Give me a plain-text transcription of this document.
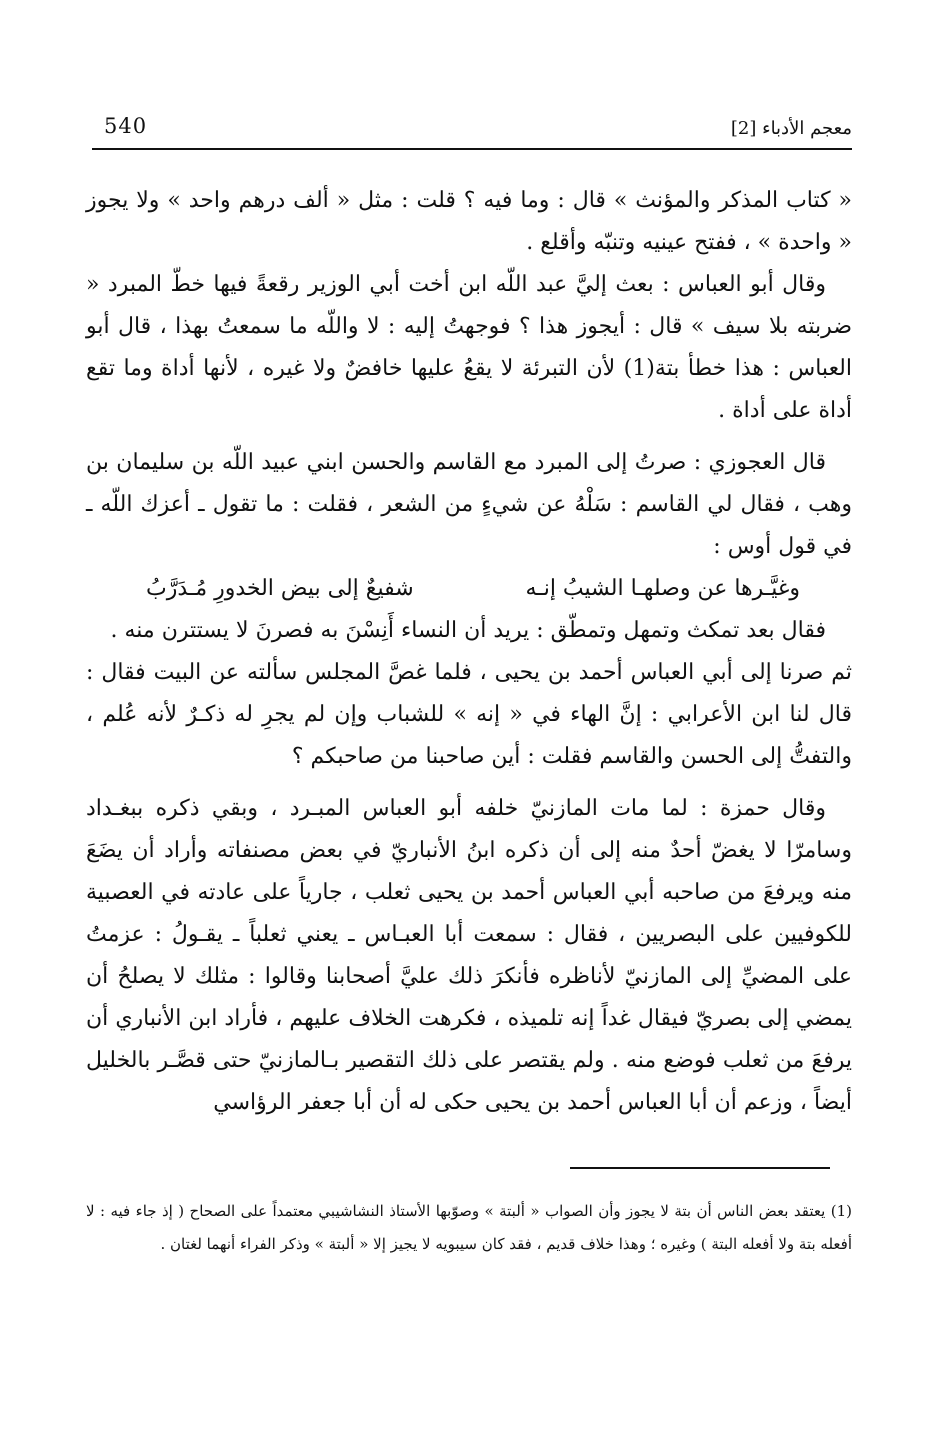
540	معجم الأدباء [2]

« كتاب المذكر والمؤنث » قال : وما فيه ؟ قلت : مثل « ألف درهم واحد » ولا يجوز « واحدة » ، ففتح عينيه وتنبّه وأقلع .

وقال أبو العباس : بعث إليَّ عبد اللّه ابن أخت أبي الوزير رقعةً فيها خطّ المبرد « ضربته بلا سيف » قال : أيجوز هذا ؟ فوجهتُ إليه : لا واللّه ما سمعتُ بهذا ، قال أبو العباس : هذا خطأ بتة(1) لأن التبرئة لا يقعُ عليها خافضٌ ولا غيره ، لأنها أداة وما تقع أداة على أداة .

قال العجوزي : صرتُ إلى المبرد مع القاسم والحسن ابني عبيد اللّه بن سليمان بن وهب ، فقال لي القاسم : سَلْهُ عن شيءٍ من الشعر ، فقلت : ما تقول ـ أعزك اللّه ـ في قول أوس :

وغيَّـرها عن وصلهـا الشيبُ إنـه
شفيعٌ إلى بيض الخدورِ مُـدَرَّبُ

فقال بعد تمكث وتمهل وتمطّق : يريد أن النساء أَنِسْنَ به فصرنَ لا يستترن منه .

ثم صرنا إلى أبي العباس أحمد بن يحيى ، فلما غصَّ المجلس سألته عن البيت فقال : قال لنا ابن الأعرابي : إنَّ الهاء في « إنه » للشباب وإن لم يجرِ له ذكـرٌ لأنه عُلم ، والتفتُّ إلى الحسن والقاسم فقلت : أين صاحبنا من صاحبكم ؟

وقال حمزة : لما مات المازنيّ خلفه أبو العباس المبـرد ، وبقي ذكره ببغـداد وسامرّا لا يغضّ أحدٌ منه إلى أن ذكره ابنُ الأنباريّ في بعض مصنفاته وأراد أن يضَعَ منه ويرفعَ من صاحبه أبي العباس أحمد بن يحيى ثعلب ، جارياً على عادته في العصبية للكوفيين على البصريين ، فقال : سمعت أبا العبـاس ـ يعني ثعلباً ـ يقـولُ : عزمتُ على المضيِّ إلى المازنيّ لأناظره فأنكرَ ذلك عليَّ أصحابنا وقالوا : مثلك لا يصلحُ أن يمضي إلى بصريّ فيقال غداً إنه تلميذه ، فكرهت الخلاف عليهم ، فأراد ابن الأنباري أن يرفعَ من ثعلب فوضع منه . ولم يقتصر على ذلك التقصير بـالمازنيّ حتى قصَّـر بالخليل أيضاً ، وزعم أن أبا العباس أحمد بن يحيى حكى له أن أبا جعفر الرؤاسي

(1) يعتقد بعض الناس أن بتة لا يجوز وأن الصواب « ألبتة » وصوّبها الأستاذ النشاشيبي معتمداً على الصحاح ( إذ جاء فيه : لا أفعله بتة ولا أفعله البتة ) وغيره ؛ وهذا خلاف قديم ، فقد كان سيبويه لا يجيز إلا « ألبتة » وذكر الفراء أنهما لغتان .
